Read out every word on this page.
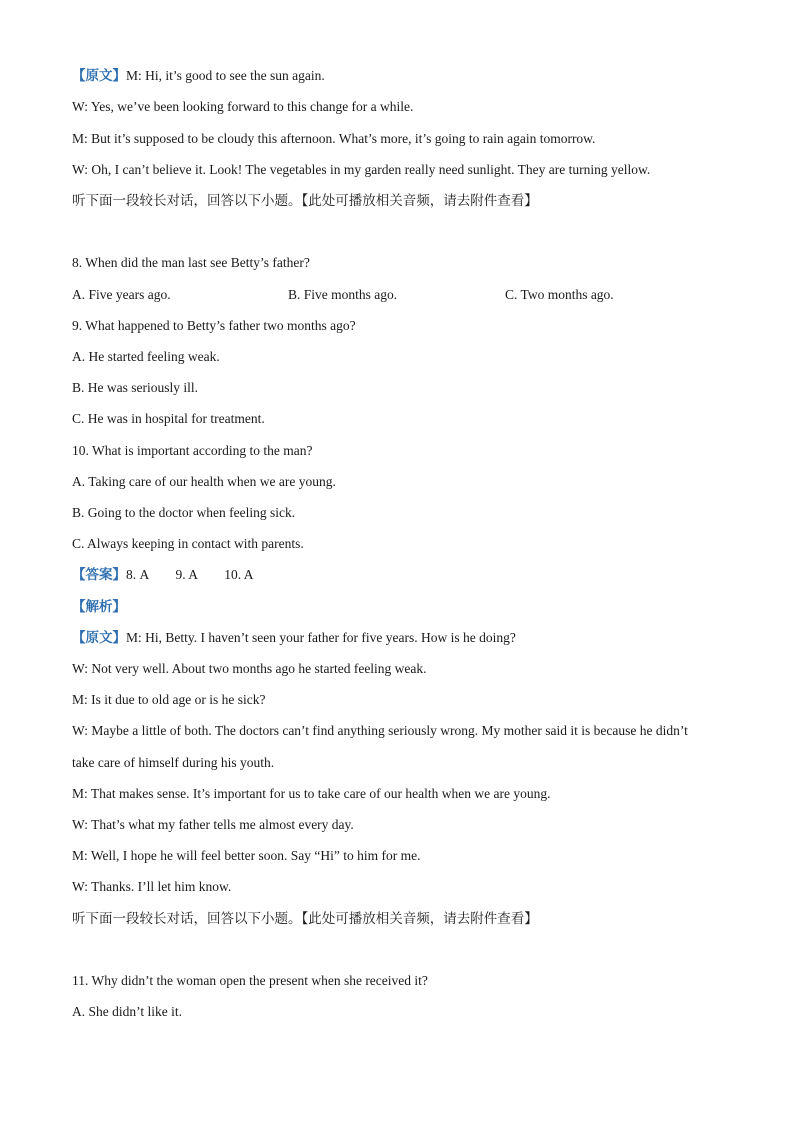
【原文】M: Hi, it’s good to see the sun again.
W: Yes, we’ve been looking forward to this change for a while.
M: But it’s supposed to be cloudy this afternoon. What’s more, it’s going to rain again tomorrow.
W: Oh, I can’t believe it. Look! The vegetables in my garden really need sunlight. They are turning yellow.
听下面一段较长对话，回答以下小题。【此处可播放相关音频，请去附件查看】
8. When did the man last see Betty’s father?
A. Five years ago.	B. Five months ago.	C. Two months ago.
9. What happened to Betty’s father two months ago?
A. He started feeling weak.
B. He was seriously ill.
C. He was in hospital for treatment.
10. What is important according to the man?
A. Taking care of our health when we are young.
B. Going to the doctor when feeling sick.
C. Always keeping in contact with parents.
【答案】8. A        9. A        10. A
【解析】
【原文】M: Hi, Betty. I haven’t seen your father for five years. How is he doing?
W: Not very well. About two months ago he started feeling weak.
M: Is it due to old age or is he sick?
W: Maybe a little of both. The doctors can’t find anything seriously wrong. My mother said it is because he didn’t
take care of himself during his youth.
M: That makes sense. It’s important for us to take care of our health when we are young.
W: That’s what my father tells me almost every day.
M: Well, I hope he will feel better soon. Say “Hi” to him for me.
W: Thanks. I’ll let him know.
听下面一段较长对话，回答以下小题。【此处可播放相关音频，请去附件查看】
11. Why didn’t the woman open the present when she received it?
A. She didn’t like it.
